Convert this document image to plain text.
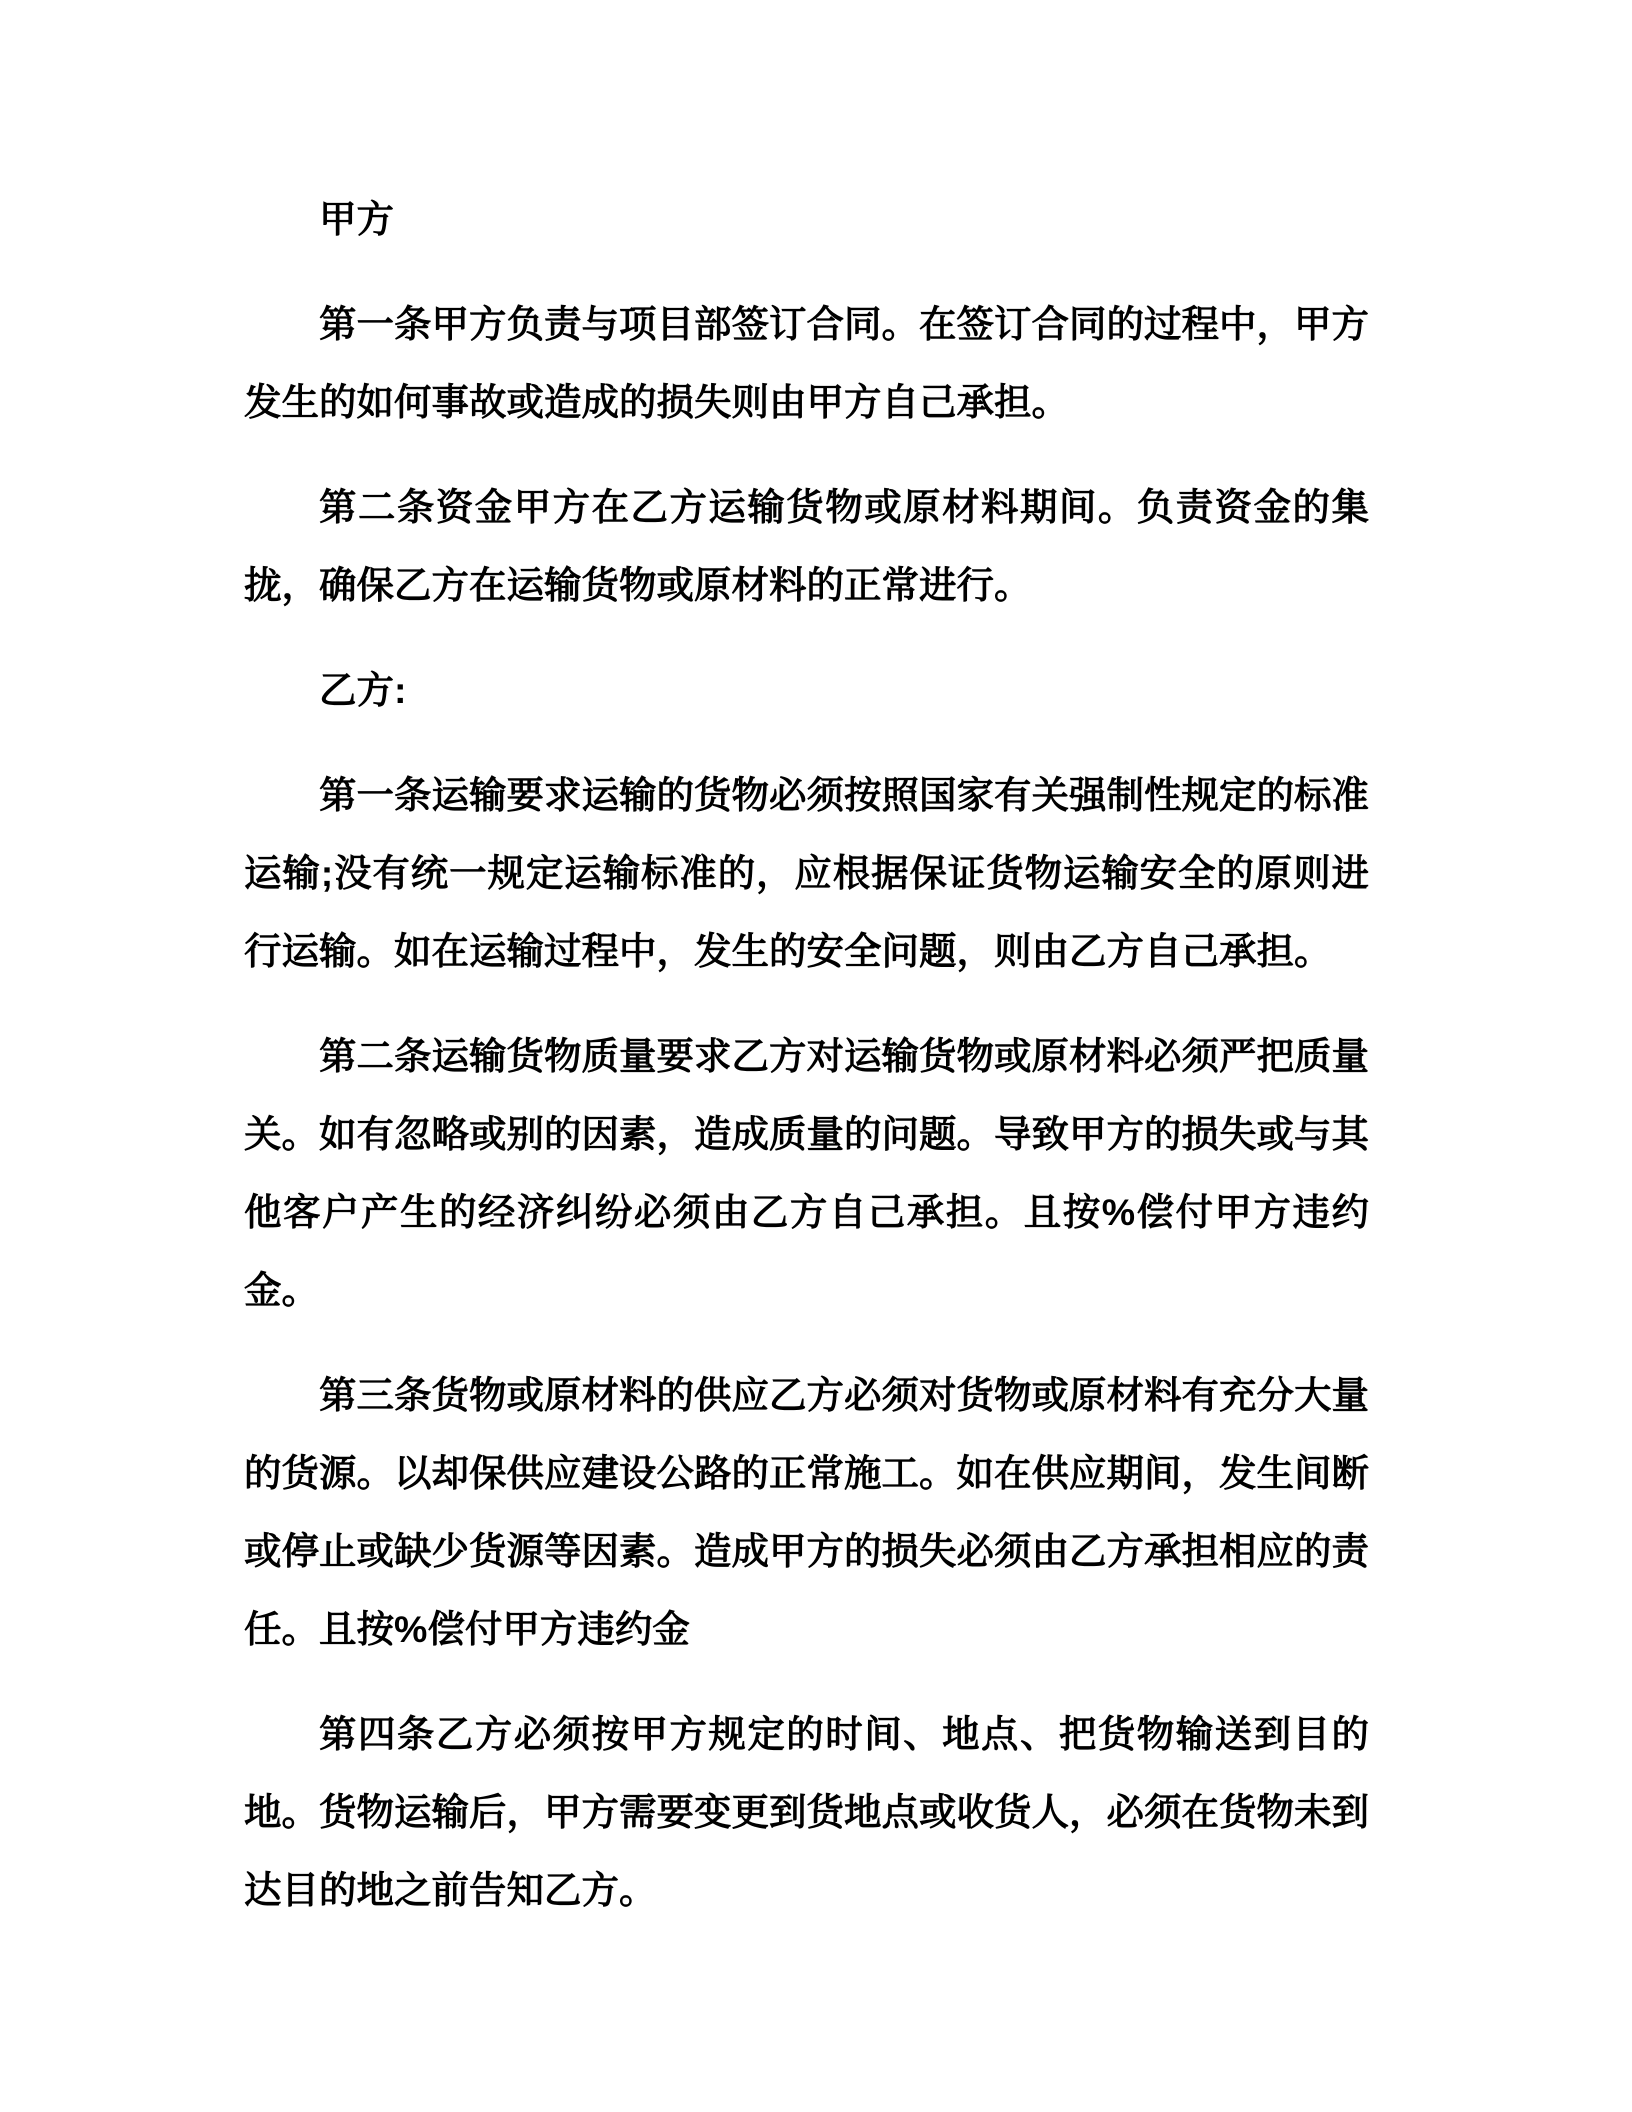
甲方

第一条甲方负责与项目部签订合同。在签订合同的过程中，甲方发生的如何事故或造成的损失则由甲方自己承担。

第二条资金甲方在乙方运输货物或原材料期间。负责资金的集拢，确保乙方在运输货物或原材料的正常进行。

乙方:

第一条运输要求运输的货物必须按照国家有关强制性规定的标准运输;没有统一规定运输标准的，应根据保证货物运输安全的原则进行运输。如在运输过程中，发生的安全问题，则由乙方自己承担。

第二条运输货物质量要求乙方对运输货物或原材料必须严把质量关。如有忽略或别的因素，造成质量的问题。导致甲方的损失或与其他客户产生的经济纠纷必须由乙方自己承担。且按%偿付甲方违约金。

第三条货物或原材料的供应乙方必须对货物或原材料有充分大量的货源。以却保供应建设公路的正常施工。如在供应期间，发生间断或停止或缺少货源等因素。造成甲方的损失必须由乙方承担相应的责任。且按%偿付甲方违约金

第四条乙方必须按甲方规定的时间、地点、把货物输送到目的地。货物运输后，甲方需要变更到货地点或收货人，必须在货物未到达目的地之前告知乙方。
